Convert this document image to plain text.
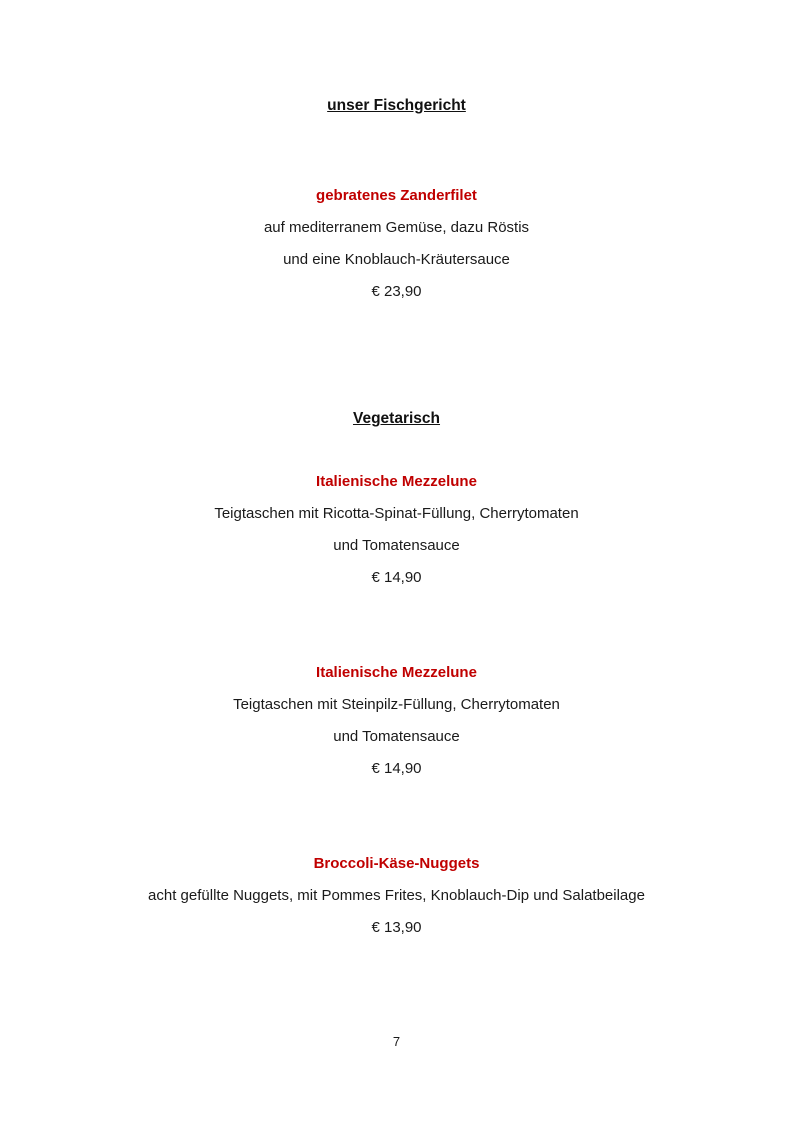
unser Fischgericht
gebratenes Zanderfilet
auf mediterranem Gemüse, dazu Röstis
und eine Knoblauch-Kräutersauce
€ 23,90
Vegetarisch
Italienische Mezzelune
Teigtaschen mit Ricotta-Spinat-Füllung, Cherrytomaten
und Tomatensauce
€ 14,90
Italienische Mezzelune
Teigtaschen mit Steinpilz-Füllung, Cherrytomaten
und Tomatensauce
€ 14,90
Broccoli-Käse-Nuggets
acht gefüllte Nuggets, mit Pommes Frites, Knoblauch-Dip und Salatbeilage
€ 13,90
7
